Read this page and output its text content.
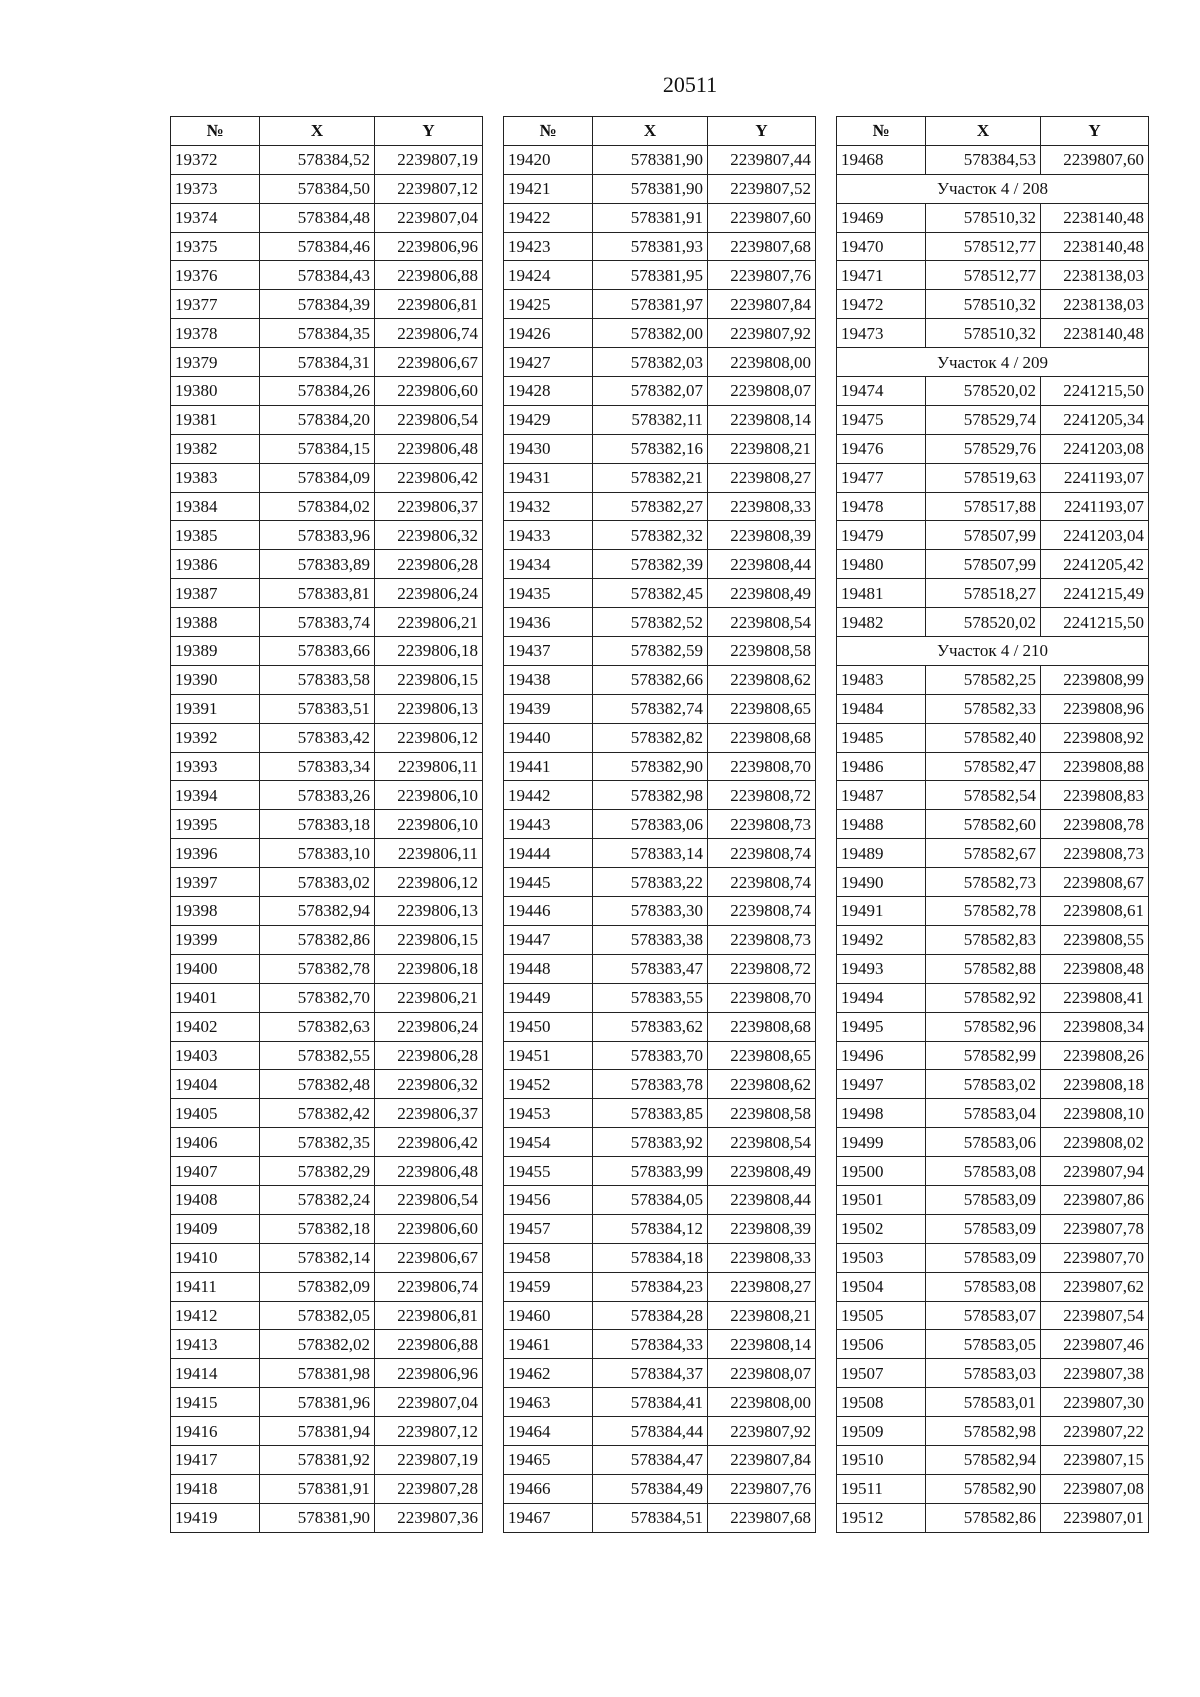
20511
№	X	Y
19372	578384,52	2239807,19
19373	578384,50	2239807,12
19374	578384,48	2239807,04
19375	578384,46	2239806,96
19376	578384,43	2239806,88
19377	578384,39	2239806,81
19378	578384,35	2239806,74
19379	578384,31	2239806,67
19380	578384,26	2239806,60
19381	578384,20	2239806,54
19382	578384,15	2239806,48
19383	578384,09	2239806,42
19384	578384,02	2239806,37
19385	578383,96	2239806,32
19386	578383,89	2239806,28
19387	578383,81	2239806,24
19388	578383,74	2239806,21
19389	578383,66	2239806,18
19390	578383,58	2239806,15
19391	578383,51	2239806,13
19392	578383,42	2239806,12
19393	578383,34	2239806,11
19394	578383,26	2239806,10
19395	578383,18	2239806,10
19396	578383,10	2239806,11
19397	578383,02	2239806,12
19398	578382,94	2239806,13
19399	578382,86	2239806,15
19400	578382,78	2239806,18
19401	578382,70	2239806,21
19402	578382,63	2239806,24
19403	578382,55	2239806,28
19404	578382,48	2239806,32
19405	578382,42	2239806,37
19406	578382,35	2239806,42
19407	578382,29	2239806,48
19408	578382,24	2239806,54
19409	578382,18	2239806,60
19410	578382,14	2239806,67
19411	578382,09	2239806,74
19412	578382,05	2239806,81
19413	578382,02	2239806,88
19414	578381,98	2239806,96
19415	578381,96	2239807,04
19416	578381,94	2239807,12
19417	578381,92	2239807,19
19418	578381,91	2239807,28
19419	578381,90	2239807,36
№	X	Y
19420	578381,90	2239807,44
19421	578381,90	2239807,52
19422	578381,91	2239807,60
19423	578381,93	2239807,68
19424	578381,95	2239807,76
19425	578381,97	2239807,84
19426	578382,00	2239807,92
19427	578382,03	2239808,00
19428	578382,07	2239808,07
19429	578382,11	2239808,14
19430	578382,16	2239808,21
19431	578382,21	2239808,27
19432	578382,27	2239808,33
19433	578382,32	2239808,39
19434	578382,39	2239808,44
19435	578382,45	2239808,49
19436	578382,52	2239808,54
19437	578382,59	2239808,58
19438	578382,66	2239808,62
19439	578382,74	2239808,65
19440	578382,82	2239808,68
19441	578382,90	2239808,70
19442	578382,98	2239808,72
19443	578383,06	2239808,73
19444	578383,14	2239808,74
19445	578383,22	2239808,74
19446	578383,30	2239808,74
19447	578383,38	2239808,73
19448	578383,47	2239808,72
19449	578383,55	2239808,70
19450	578383,62	2239808,68
19451	578383,70	2239808,65
19452	578383,78	2239808,62
19453	578383,85	2239808,58
19454	578383,92	2239808,54
19455	578383,99	2239808,49
19456	578384,05	2239808,44
19457	578384,12	2239808,39
19458	578384,18	2239808,33
19459	578384,23	2239808,27
19460	578384,28	2239808,21
19461	578384,33	2239808,14
19462	578384,37	2239808,07
19463	578384,41	2239808,00
19464	578384,44	2239807,92
19465	578384,47	2239807,84
19466	578384,49	2239807,76
19467	578384,51	2239807,68
№	X	Y
19468	578384,53	2239807,60
Участок 4 / 208		
19469	578510,32	2238140,48
19470	578512,77	2238140,48
19471	578512,77	2238138,03
19472	578510,32	2238138,03
19473	578510,32	2238140,48
Участок 4 / 209		
19474	578520,02	2241215,50
19475	578529,74	2241205,34
19476	578529,76	2241203,08
19477	578519,63	2241193,07
19478	578517,88	2241193,07
19479	578507,99	2241203,04
19480	578507,99	2241205,42
19481	578518,27	2241215,49
19482	578520,02	2241215,50
Участок 4 / 210		
19483	578582,25	2239808,99
19484	578582,33	2239808,96
19485	578582,40	2239808,92
19486	578582,47	2239808,88
19487	578582,54	2239808,83
19488	578582,60	2239808,78
19489	578582,67	2239808,73
19490	578582,73	2239808,67
19491	578582,78	2239808,61
19492	578582,83	2239808,55
19493	578582,88	2239808,48
19494	578582,92	2239808,41
19495	578582,96	2239808,34
19496	578582,99	2239808,26
19497	578583,02	2239808,18
19498	578583,04	2239808,10
19499	578583,06	2239808,02
19500	578583,08	2239807,94
19501	578583,09	2239807,86
19502	578583,09	2239807,78
19503	578583,09	2239807,70
19504	578583,08	2239807,62
19505	578583,07	2239807,54
19506	578583,05	2239807,46
19507	578583,03	2239807,38
19508	578583,01	2239807,30
19509	578582,98	2239807,22
19510	578582,94	2239807,15
19511	578582,90	2239807,08
19512	578582,86	2239807,01
